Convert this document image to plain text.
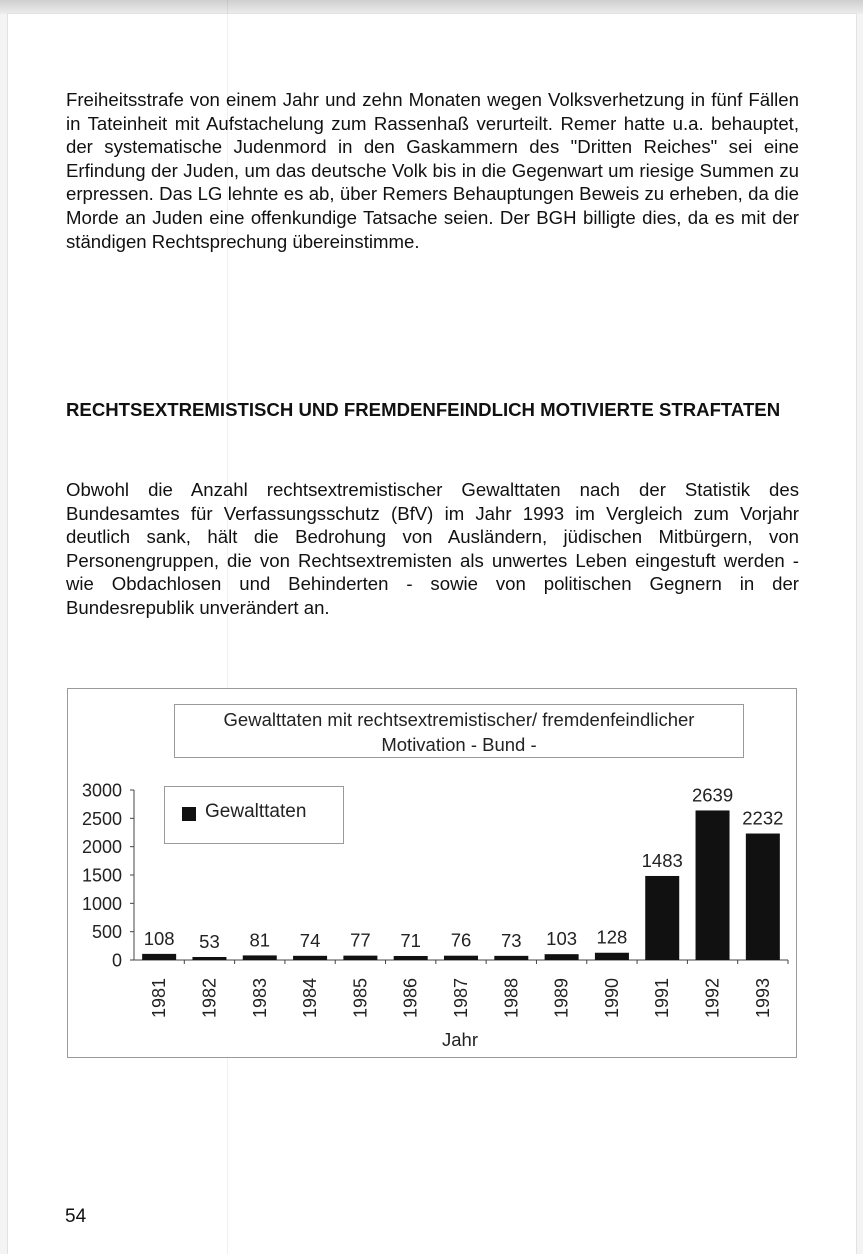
Freiheitsstrafe von einem Jahr und zehn Monaten wegen Volksverhetzung in fünf Fällen in Tateinheit mit Aufstachelung zum Rassenhaß verurteilt. Remer hatte u.a. behauptet, der systematische Judenmord in den Gaskammern des "Dritten Reiches" sei eine Erfindung der Juden, um das deutsche Volk bis in die Gegenwart um riesige Summen zu erpressen. Das LG lehnte es ab, über Remers Behauptungen Beweis zu erheben, da die Morde an Juden eine offenkundige Tatsache seien. Der BGH billigte dies, da es mit der ständigen Rechtsprechung übereinstimme.

RECHTSEXTREMISTISCH UND FREMDENFEINDLICH MOTIVIERTE STRAFTATEN

Obwohl die Anzahl rechtsextremistischer Gewalttaten nach der Statistik des Bundesamtes für Verfassungsschutz (BfV) im Jahr 1993 im Vergleich zum Vorjahr deutlich sank, hält die Bedrohung von Ausländern, jüdischen Mitbürgern, von Personengruppen, die von Rechtsextremisten als unwertes Leben eingestuft werden - wie Obdachlosen und Behinderten - sowie von politischen Gegnern in der Bundesrepublik unverändert an.

0
500
1000
1500
2000
2500
3000
108
1981
53
1982
81
1983
74
1984
77
1985
71
1986
76
1987
73
1988
103
1989
128
1990
1483
1991
2639
1992
2232
1993
Jahr
Gewalttaten mit rechtsextremistischer/ fremdenfeindlicher
Motivation - Bund -
Gewalttaten
54
